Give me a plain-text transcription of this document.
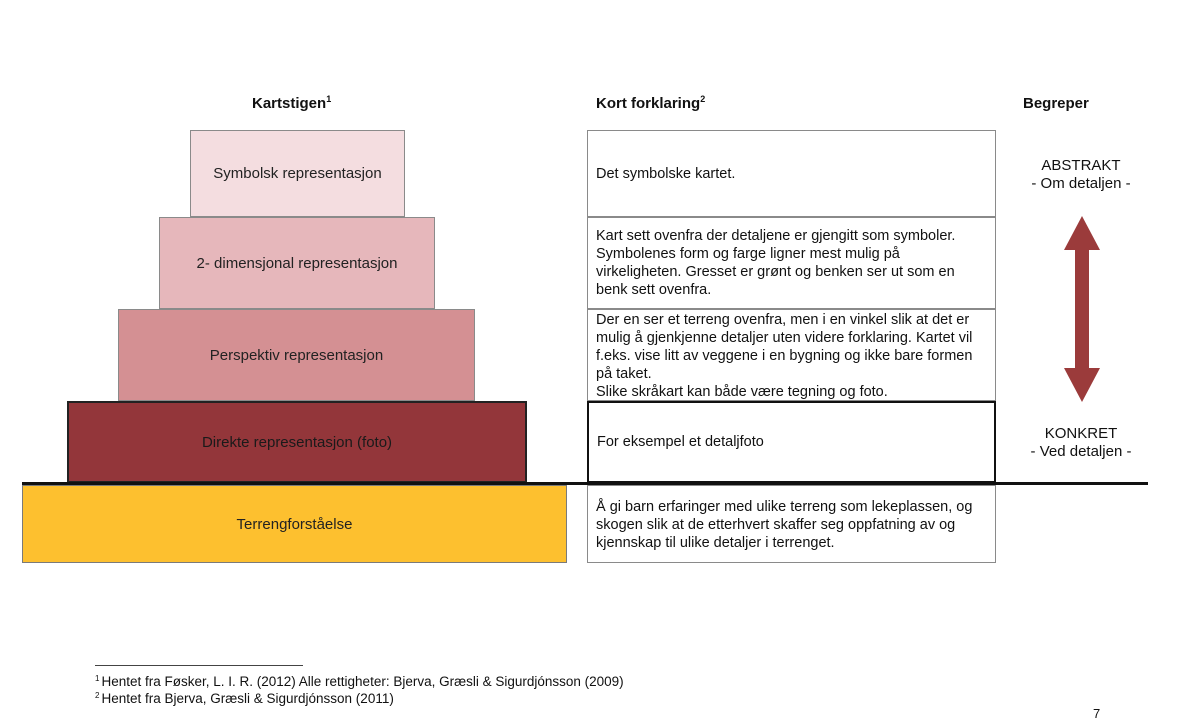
Kartstigen$^1$	Kort forklaring$^2$	Begreper
Symbolsk representasjon
2- dimensjonal representasjon
Perspektiv representasjon
Direkte representasjon (foto)
Terrengforståelse
Det symbolske kartet.
Kart sett ovenfra der detaljene er gjengitt som symboler. Symbolenes form og farge ligner mest mulig på virkeligheten. Gresset er grønt og benken ser ut som en benk sett ovenfra.
Der en ser et terreng ovenfra, men i en vinkel slik at det er mulig å gjenkjenne detaljer uten videre forklaring. Kartet vil f.eks. vise litt av veggene i en bygning og ikke bare formen på taket.
Slike skråkart kan både være tegning og foto.
For eksempel et detaljfoto
Å gi barn erfaringer med ulike terreng som lekeplassen, og skogen slik at de etterhvert skaffer seg oppfatning av og kjennskap til ulike detaljer i terrenget.
ABSTRAKT
- Om detaljen -
KONKRET
- Ved detaljen -
$^1$ Hentet fra Føsker, L. I. R. (2012) Alle rettigheter: Bjerva, Græsli & Sigurdjónsson (2009)
$^2$ Hentet fra Bjerva, Græsli & Sigurdjónsson (2011)
7
